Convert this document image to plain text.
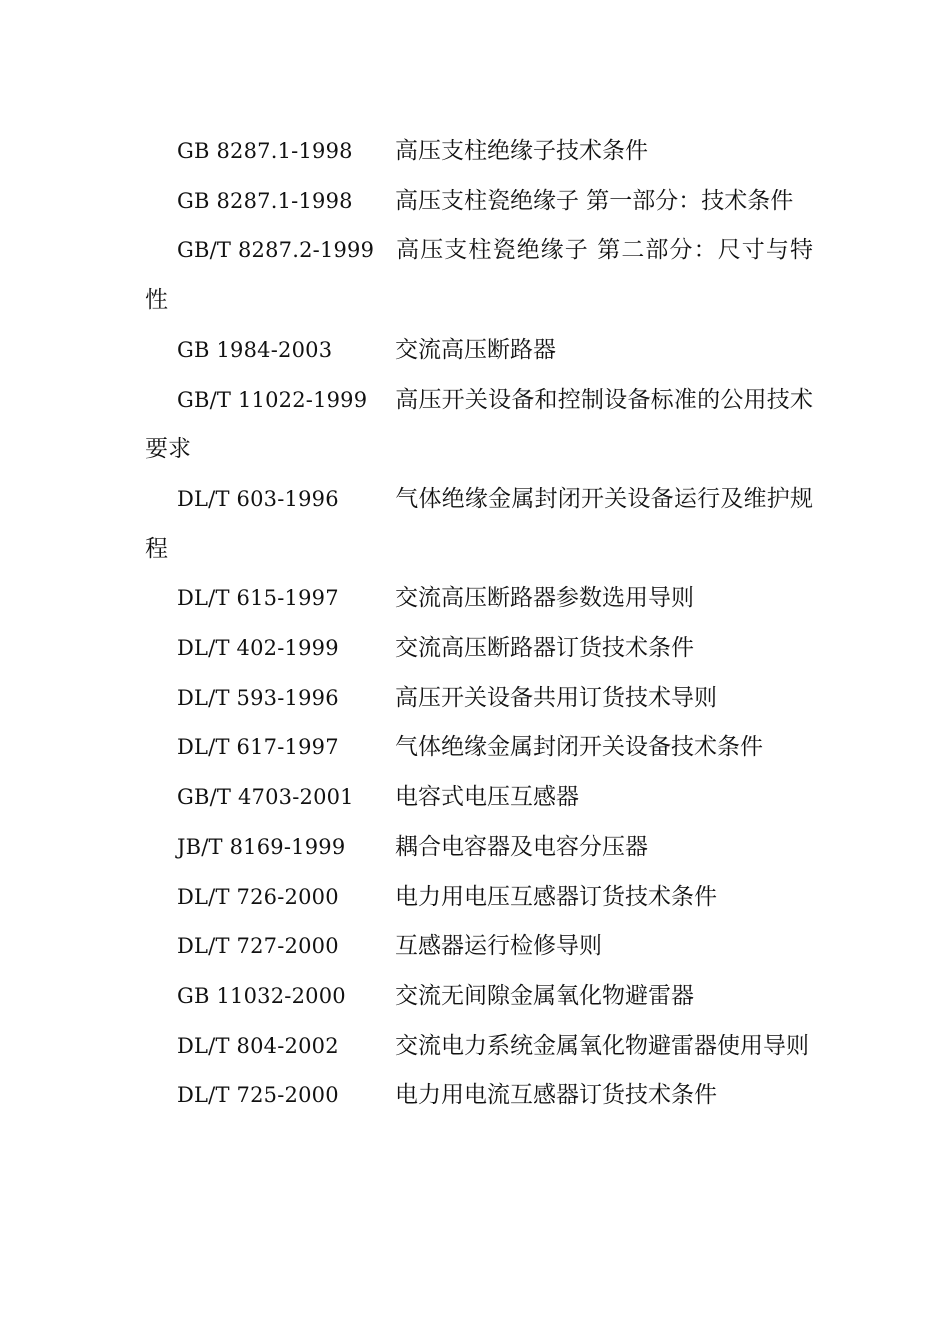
GB 8287.1-1998 高压支柱绝缘子技术条件

GB 8287.1-1998 高压支柱瓷绝缘子 第一部分：技术条件

GB/T 8287.2-1999 高压支柱瓷绝缘子 第二部分：尺寸与特性

GB 1984-2003	交流高压断路器

GB/T 11022-1999 高压开关设备和控制设备标准的公用技术要求

DL/T 603-1996 气体绝缘金属封闭开关设备运行及维护规程

DL/T 615-1997 交流高压断路器参数选用导则

DL/T 402-1999 交流高压断路器订货技术条件

DL/T 593-1996 高压开关设备共用订货技术导则

DL/T 617-1997 气体绝缘金属封闭开关设备技术条件

GB/T 4703-2001 电容式电压互感器

JB/T 8169-1999 耦合电容器及电容分压器

DL/T 726-2000 电力用电压互感器订货技术条件

DL/T 727-2000 互感器运行检修导则

GB 11032-2000 交流无间隙金属氧化物避雷器

DL/T 804-2002 交流电力系统金属氧化物避雷器使用导则

DL/T 725-2000 电力用电流互感器订货技术条件
